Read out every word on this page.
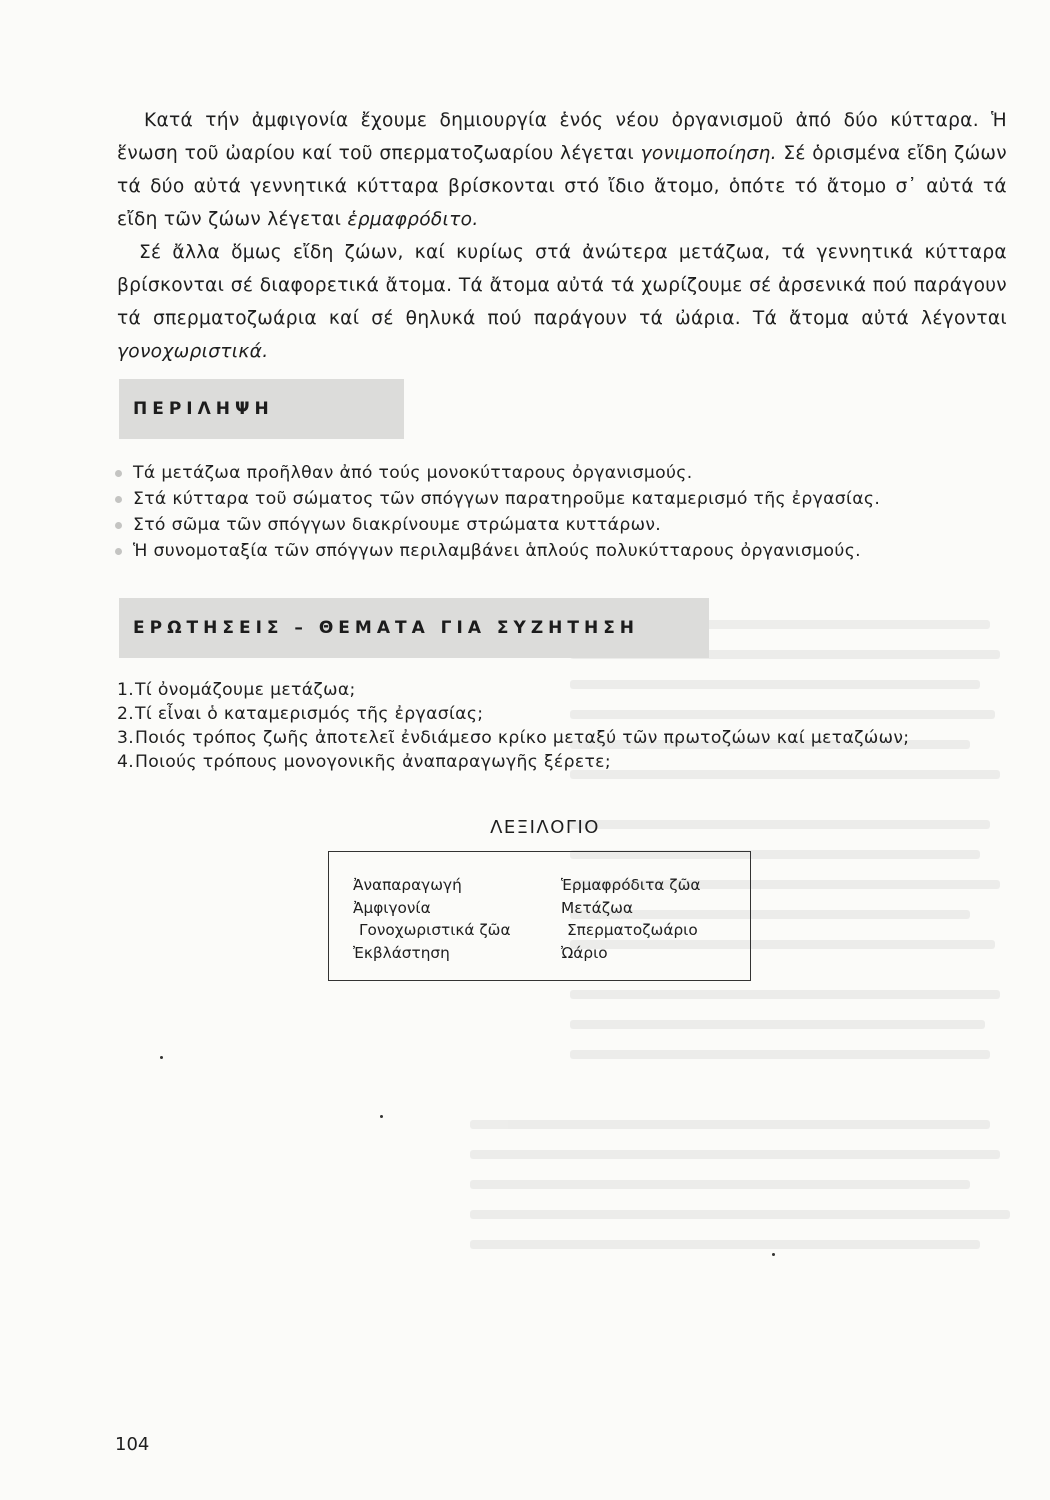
Κατά τήν ἀμφιγονία ἔχουμε δημιουργία ἑνός νέου ὀργανισμοῦ ἀπό δύο κύτταρα. Ἡ ἕνωση τοῦ ὠαρίου καί τοῦ σπερματοζωαρίου λέγεται γονιμοποίηση. Σέ ὁρισμένα εἴδη ζώων τά δύο αὐτά γεννητικά κύτταρα βρίσκονται στό ἴδιο ἄτομο, ὁπότε τό ἄτομο σ᾽ αὐτά τά εἴδη τῶν ζώων λέγεται ἑρμαφρόδιτο.

Σέ ἄλλα ὅμως εἴδη ζώων, καί κυρίως στά ἀνώτερα μετάζωα, τά γεννητικά κύτταρα βρίσκονται σέ διαφορετικά ἄτομα. Τά ἄτομα αὐτά τά χωρίζουμε σέ ἀρσενικά πού παράγουν τά σπερματοζωάρια καί σέ θηλυκά πού παράγουν τά ὠάρια. Τά ἄτομα αὐτά λέγονται γονοχωριστικά.

ΠΕΡΙΛΗΨΗ
Τά μετάζωα προῆλθαν ἀπό τούς μονοκύτταρους ὀργανισμούς.
Στά κύτταρα τοῦ σώματος τῶν σπόγγων παρατηροῦμε καταμερισμό τῆς ἐργασίας.
Στό σῶμα τῶν σπόγγων διακρίνουμε στρώματα κυττάρων.
Ἡ συνομοταξία τῶν σπόγγων περιλαμβάνει ἁπλούς πολυκύτταρους ὀργανισμούς.
ΕΡΩΤΗΣΕΙΣ – ΘΕΜΑΤΑ ΓΙΑ ΣΥΖΗΤΗΣΗ
1. Τί ὀνομάζουμε μετάζωα;
2. Τί εἶναι ὁ καταμερισμός τῆς ἐργασίας;
3. Ποιός τρόπος ζωῆς ἀποτελεῖ ἐνδιάμεσο κρίκο μεταξύ τῶν πρωτοζώων καί μεταζώων;
4. Ποιούς τρόπους μονογονικῆς ἀναπαραγωγῆς ξέρετε;
ΛΕΞΙΛΟΓΙΟ
Ἀναπαραγωγή
Ἀμφιγονία
Γονοχωριστικά ζῶα
Ἐκβλάστηση
Ἑρμαφρόδιτα ζῶα
Μετάζωα
Σπερματοζωάριο
Ὠάριο
104
